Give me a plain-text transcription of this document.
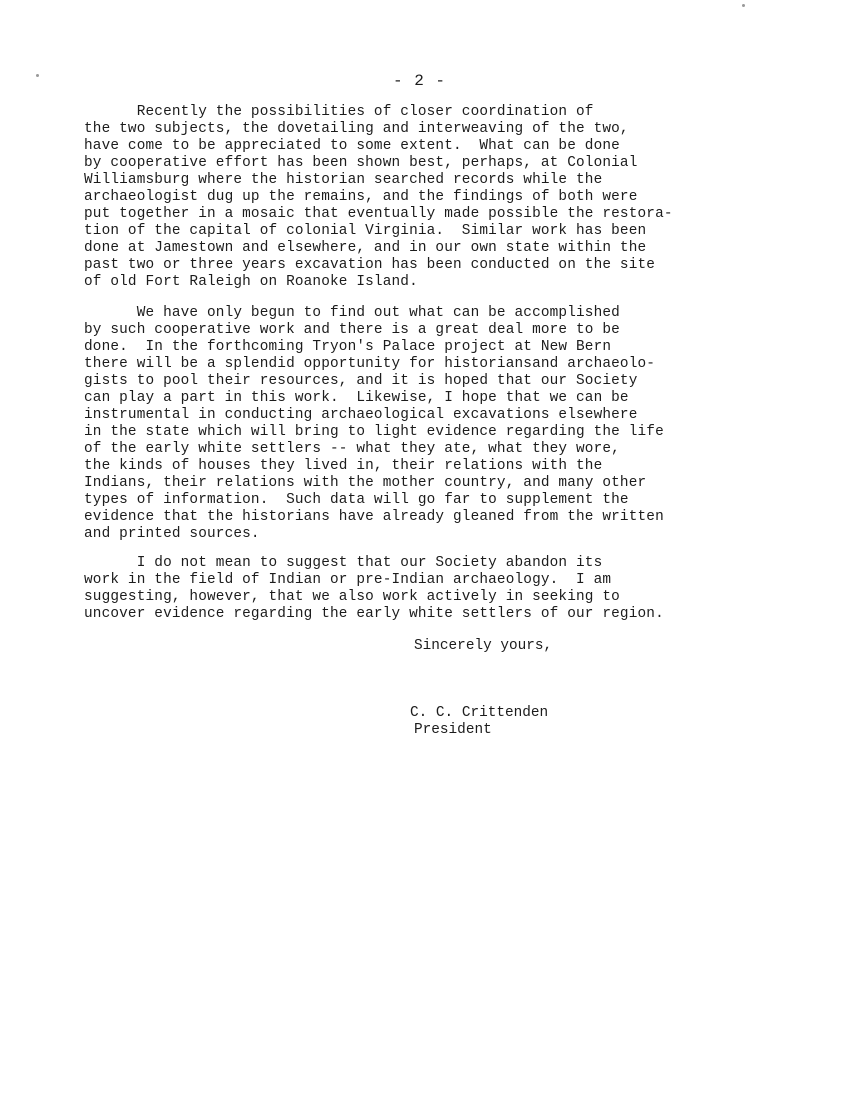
- 2 -
Recently the possibilities of closer coordination of
the two subjects, the dovetailing and interweaving of the two,
have come to be appreciated to some extent.  What can be done
by cooperative effort has been shown best, perhaps, at Colonial
Williamsburg where the historian searched records while the
archaeologist dug up the remains, and the findings of both were
put together in a mosaic that eventually made possible the restora-
tion of the capital of colonial Virginia.  Similar work has been
done at Jamestown and elsewhere, and in our own state within the
past two or three years excavation has been conducted on the site
of old Fort Raleigh on Roanoke Island.
We have only begun to find out what can be accomplished
by such cooperative work and there is a great deal more to be
done.  In the forthcoming Tryon's Palace project at New Bern
there will be a splendid opportunity for historiansand archaeolo-
gists to pool their resources, and it is hoped that our Society
can play a part in this work.  Likewise, I hope that we can be
instrumental in conducting archaeological excavations elsewhere
in the state which will bring to light evidence regarding the life
of the early white settlers -- what they ate, what they wore,
the kinds of houses they lived in, their relations with the
Indians, their relations with the mother country, and many other
types of information.  Such data will go far to supplement the
evidence that the historians have already gleaned from the written
and printed sources.
I do not mean to suggest that our Society abandon its
work in the field of Indian or pre-Indian archaeology.  I am
suggesting, however, that we also work actively in seeking to
uncover evidence regarding the early white settlers of our region.
Sincerely yours,
C. C. Crittenden
President
